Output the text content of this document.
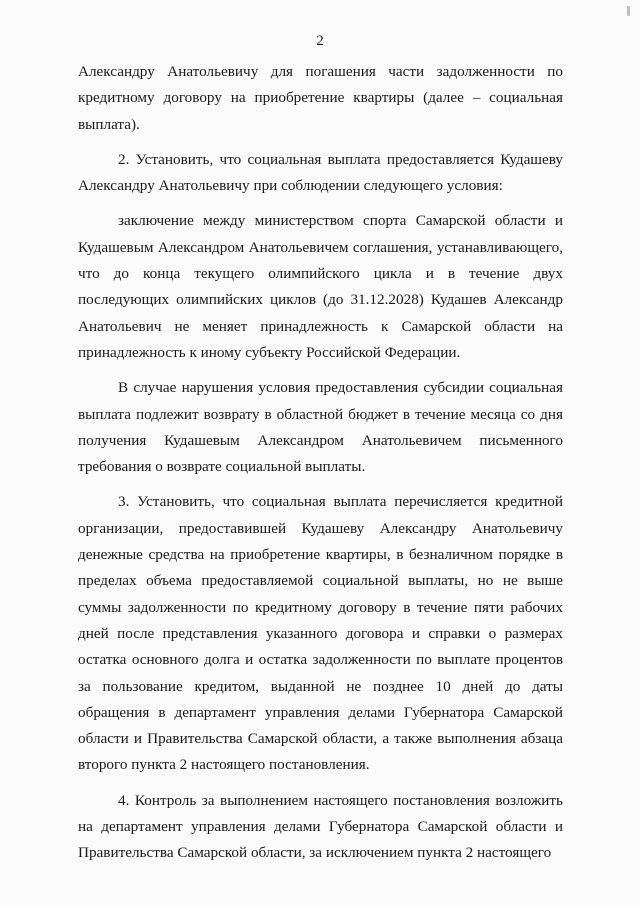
2

Александру Анатольевичу для погашения части задолженности по кредитному договору на приобретение квартиры (далее – социальная выплата).

2. Установить, что социальная выплата предоставляется Кудашеву Александру Анатольевичу при соблюдении следующего условия:

заключение между министерством спорта Самарской области и Кудашевым Александром Анатольевичем соглашения, устанавливающего, что до конца текущего олимпийского цикла и в течение двух последующих олимпийских циклов (до 31.12.2028) Кудашев Александр Анатольевич не меняет принадлежность к Самарской области на принадлежность к иному субъекту Российской Федерации.

В случае нарушения условия предоставления субсидии социальная выплата подлежит возврату в областной бюджет в течение месяца со дня получения Кудашевым Александром Анатольевичем письменного требования о возврате социальной выплаты.

3. Установить, что социальная выплата перечисляется кредитной организации, предоставившей Кудашеву Александру Анатольевичу денежные средства на приобретение квартиры, в безналичном порядке в пределах объема предоставляемой социальной выплаты, но не выше суммы задолженности по кредитному договору в течение пяти рабочих дней после представления указанного договора и справки о размерах остатка основного долга и остатка задолженности по выплате процентов за пользование кредитом, выданной не позднее 10 дней до даты обращения в департамент управления делами Губернатора Самарской области и Правительства Самарской области, а также выполнения абзаца второго пункта 2 настоящего постановления.

4. Контроль за выполнением настоящего постановления возложить на департамент управления делами Губернатора Самарской области и Правительства Самарской области, за исключением пункта 2 настоящего
